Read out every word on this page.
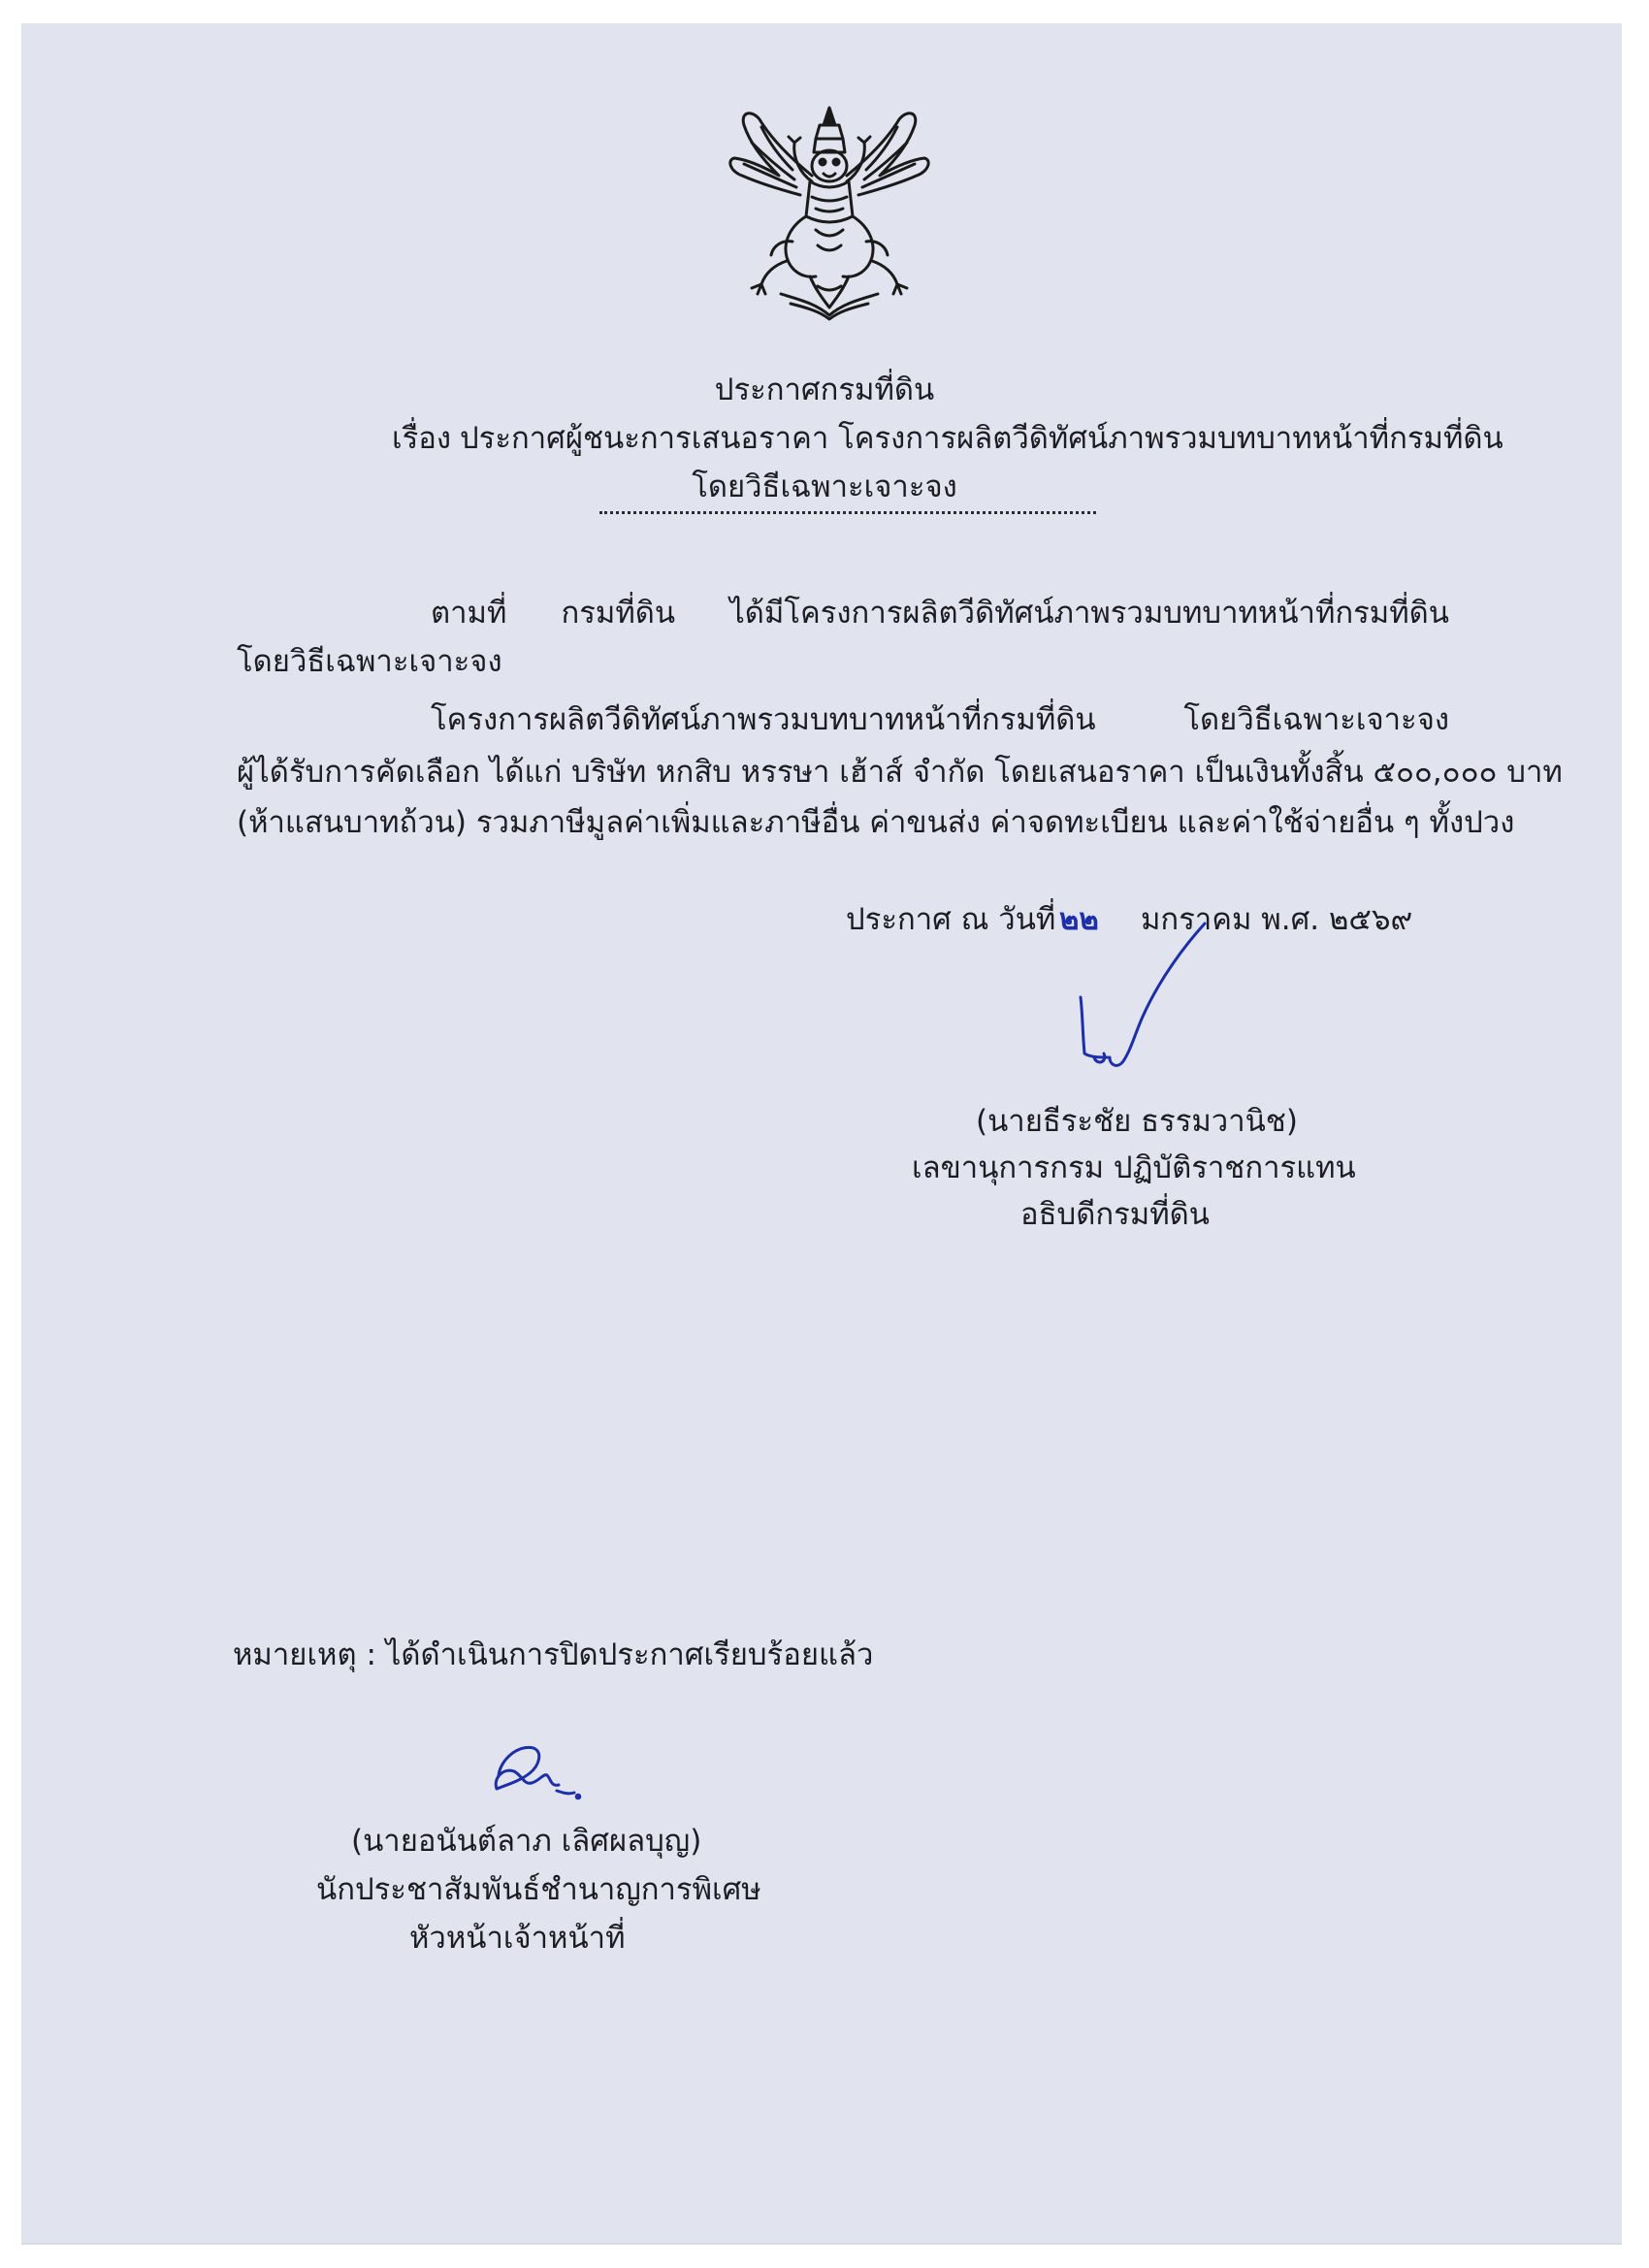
ประกาศกรมที่ดิน
เรื่อง ประกาศผู้ชนะการเสนอราคา โครงการผลิตวีดิทัศน์ภาพรวมบทบาทหน้าที่กรมที่ดิน
โดยวิธีเฉพาะเจาะจง
ตามที่ กรมที่ดิน ได้มีโครงการผลิตวีดิทัศน์ภาพรวมบทบาทหน้าที่กรมที่ดิน
โดยวิธีเฉพาะเจาะจง
โครงการผลิตวีดิทัศน์ภาพรวมบทบาทหน้าที่กรมที่ดิน โดยวิธีเฉพาะเจาะจง
ผู้ได้รับการคัดเลือก ได้แก่ บริษัท หกสิบ หรรษา เฮ้าส์ จำกัด โดยเสนอราคา เป็นเงินทั้งสิ้น ๕๐๐,๐๐๐ บาท
(ห้าแสนบาทถ้วน) รวมภาษีมูลค่าเพิ่มและภาษีอื่น ค่าขนส่ง ค่าจดทะเบียน และค่าใช้จ่ายอื่น ๆ ทั้งปวง
ประกาศ ณ วันที่ ๒๒ มกราคม พ.ศ. ๒๕๖๙
(นายธีระชัย ธรรมวานิช)
เลขานุการกรม ปฏิบัติราชการแทน
อธิบดีกรมที่ดิน
หมายเหตุ : ได้ดำเนินการปิดประกาศเรียบร้อยแล้ว
(นายอนันต์ลาภ เลิศผลบุญ)
นักประชาสัมพันธ์ชำนาญการพิเศษ
หัวหน้าเจ้าหน้าที่
